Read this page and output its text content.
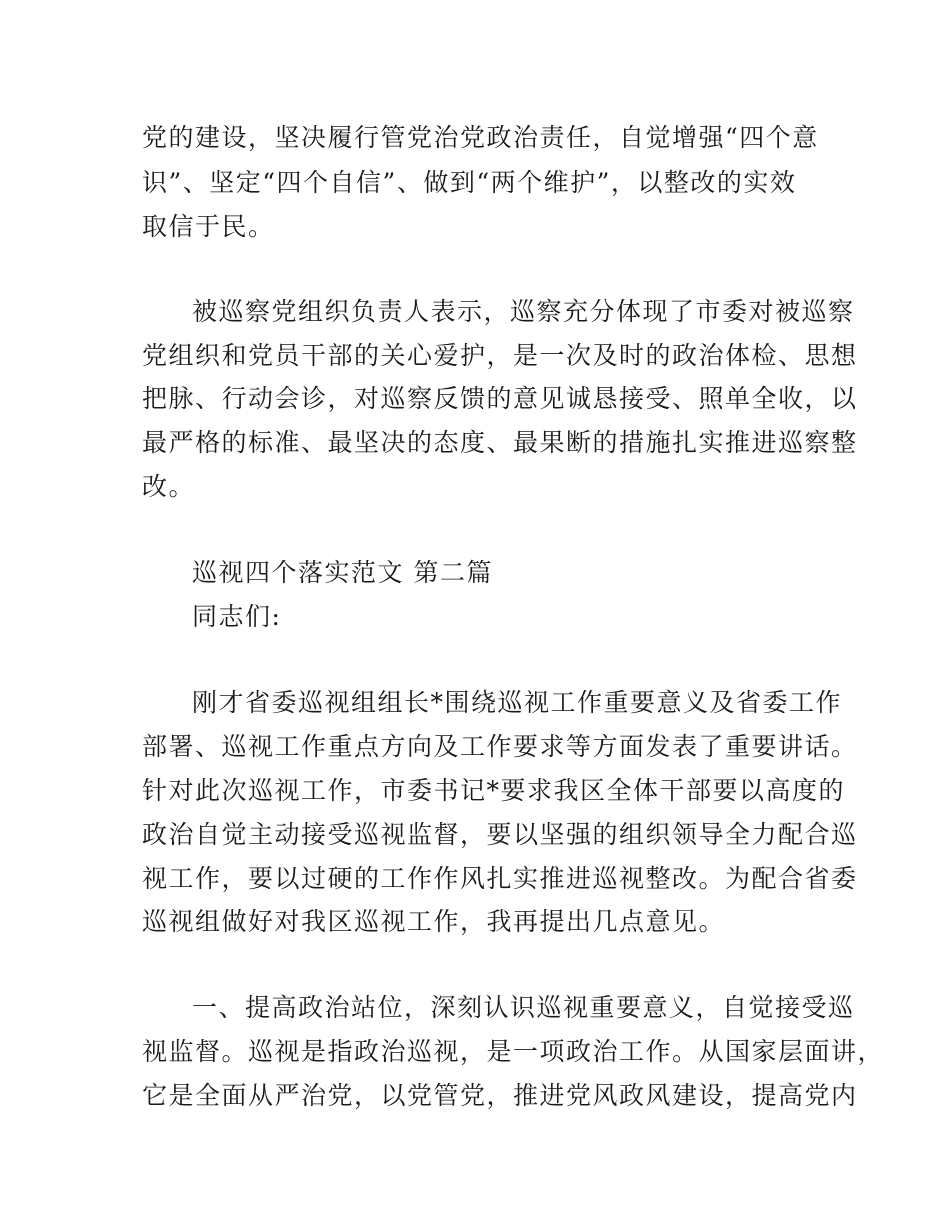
党的建设，坚决履行管党治党政治责任，自觉增强“四个意

识”、坚定“四个自信”、做到“两个维护”，以整改的实效

取信于民。

被巡察党组织负责人表示，巡察充分体现了市委对被巡察

党组织和党员干部的关心爱护，是一次及时的政治体检、思想

把脉、行动会诊，对巡察反馈的意见诚恳接受、照单全收，以

最严格的标准、最坚决的态度、最果断的措施扎实推进巡察整

改。

巡视四个落实范文 第二篇

同志们:

刚才省委巡视组组长*围绕巡视工作重要意义及省委工作

部署、巡视工作重点方向及工作要求等方面发表了重要讲话。

针对此次巡视工作，市委书记*要求我区全体干部要以高度的

政治自觉主动接受巡视监督，要以坚强的组织领导全力配合巡

视工作，要以过硬的工作作风扎实推进巡视整改。为配合省委

巡视组做好对我区巡视工作，我再提出几点意见。

一、提高政治站位，深刻认识巡视重要意义，自觉接受巡

视监督。巡视是指政治巡视，是一项政治工作。从国家层面讲，

它是全面从严治党，以党管党，推进党风政风建设，提高党内
